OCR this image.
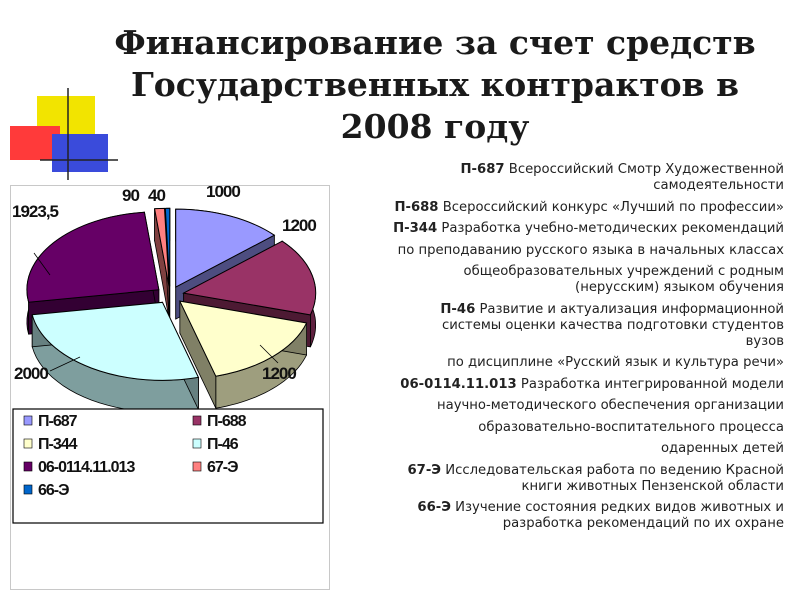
Финансирование за счет средств
Государственных контрактов в
2008 году
1000
1200
1200
2000
1923,5
90 40
П-687	П-688
П-344	П-46
06-0114.11.013	67-Э
66-Э

П-687 Всероссийский Смотр Художественной
самодеятельности

П-688 Всероссийский конкурс «Лучший по профессии»

П-344 Разработка учебно-методических рекомендаций

по преподаванию русского языка в начальных классах

общеобразовательных учреждений с родным
(нерусским) языком обучения

П-46 Развитие и актуализация информационной
системы оценки качества подготовки студентов
вузов

по дисциплине «Русский язык и культура речи»

06-0114.11.013 Разработка интегрированной модели

научно-методического обеспечения организации

образовательно-воспитательного процесса

одаренных детей

67-Э Исследовательская работа по ведению Красной
книги животных Пензенской области

66-Э Изучение состояния редких видов животных и
разработка рекомендаций по их охране
